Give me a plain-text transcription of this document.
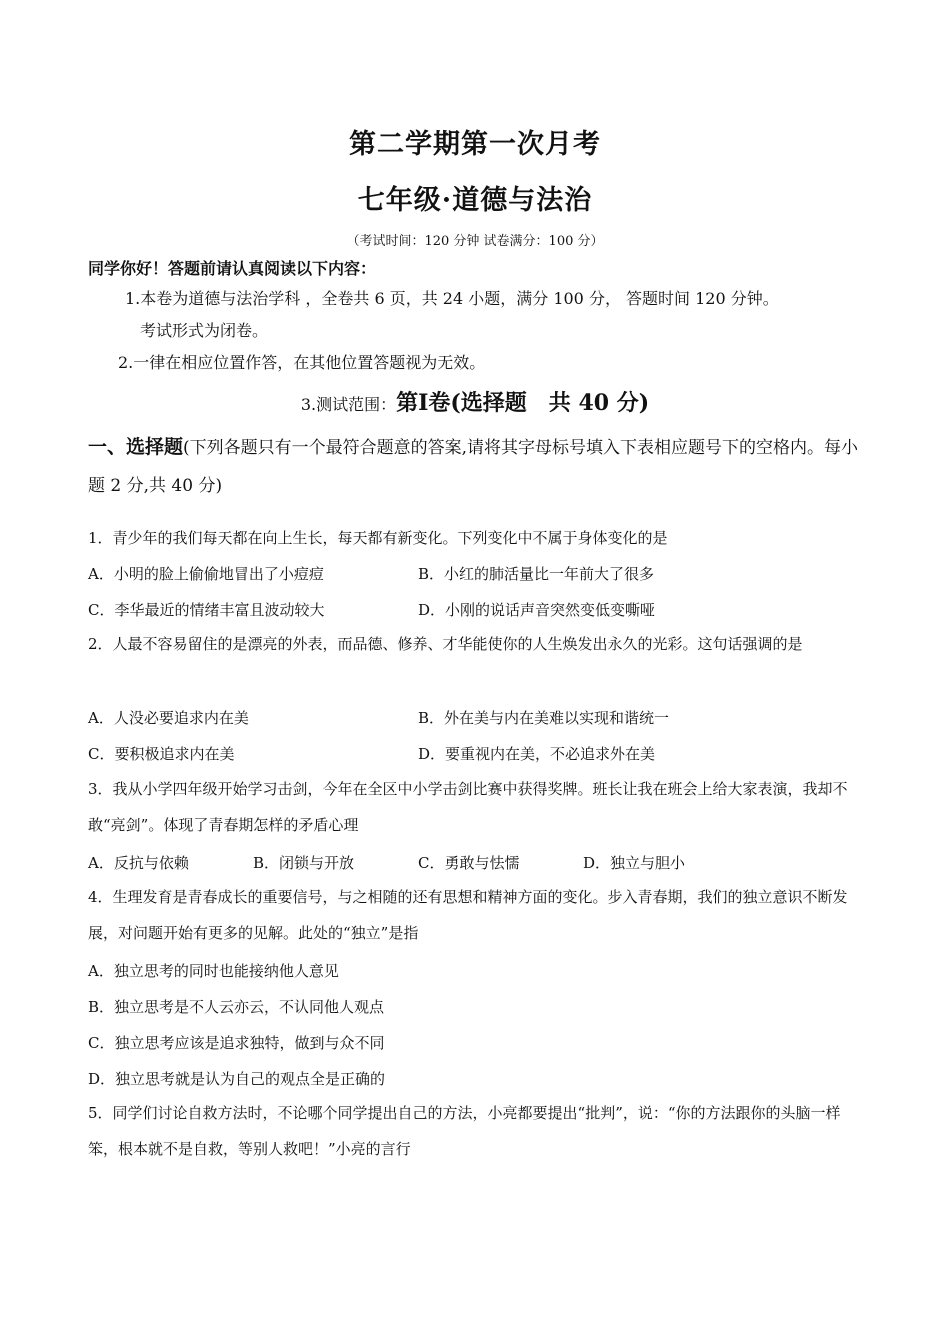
第二学期第一次月考
七年级·道德与法治
（考试时间：120 分钟 试卷满分：100 分）
同学你好！答题前请认真阅读以下内容：
1.本卷为道德与法治学科 ，全卷共 6 页，共 24 小题，满分 100 分， 答题时间 120 分钟。
考试形式为闭卷。
2.一律在相应位置作答，在其他位置答题视为无效。
3.测试范围：第Ⅰ卷(选择题　共 40 分)
一、选择题(下列各题只有一个最符合题意的答案,请将其字母标号填入下表相应题号下的空格内。每小题 2 分,共 40 分)
1．青少年的我们每天都在向上生长，每天都有新变化。下列变化中不属于身体变化的是
A．小明的脸上偷偷地冒出了小痘痘	B．小红的肺活量比一年前大了很多
C．李华最近的情绪丰富且波动较大	D．小刚的说话声音突然变低变嘶哑
2．人最不容易留住的是漂亮的外表，而品德、修养、才华能使你的人生焕发出永久的光彩。这句话强调的是
A．人没必要追求内在美	B．外在美与内在美难以实现和谐统一
C．要积极追求内在美	D．要重视内在美，不必追求外在美
3．我从小学四年级开始学习击剑，今年在全区中小学击剑比赛中获得奖牌。班长让我在班会上给大家表演，我却不敢“亮剑”。体现了青春期怎样的矛盾心理
A．反抗与依赖	B．闭锁与开放	C．勇敢与怯懦	D．独立与胆小
4．生理发育是青春成长的重要信号，与之相随的还有思想和精神方面的变化。步入青春期，我们的独立意识不断发展，对问题开始有更多的见解。此处的“独立”是指
A．独立思考的同时也能接纳他人意见
B．独立思考是不人云亦云，不认同他人观点
C．独立思考应该是追求独特，做到与众不同
D．独立思考就是认为自己的观点全是正确的
5．同学们讨论自救方法时，不论哪个同学提出自己的方法，小亮都要提出“批判”，说：“你的方法跟你的头脑一样笨，根本就不是自救，等别人救吧！”小亮的言行
